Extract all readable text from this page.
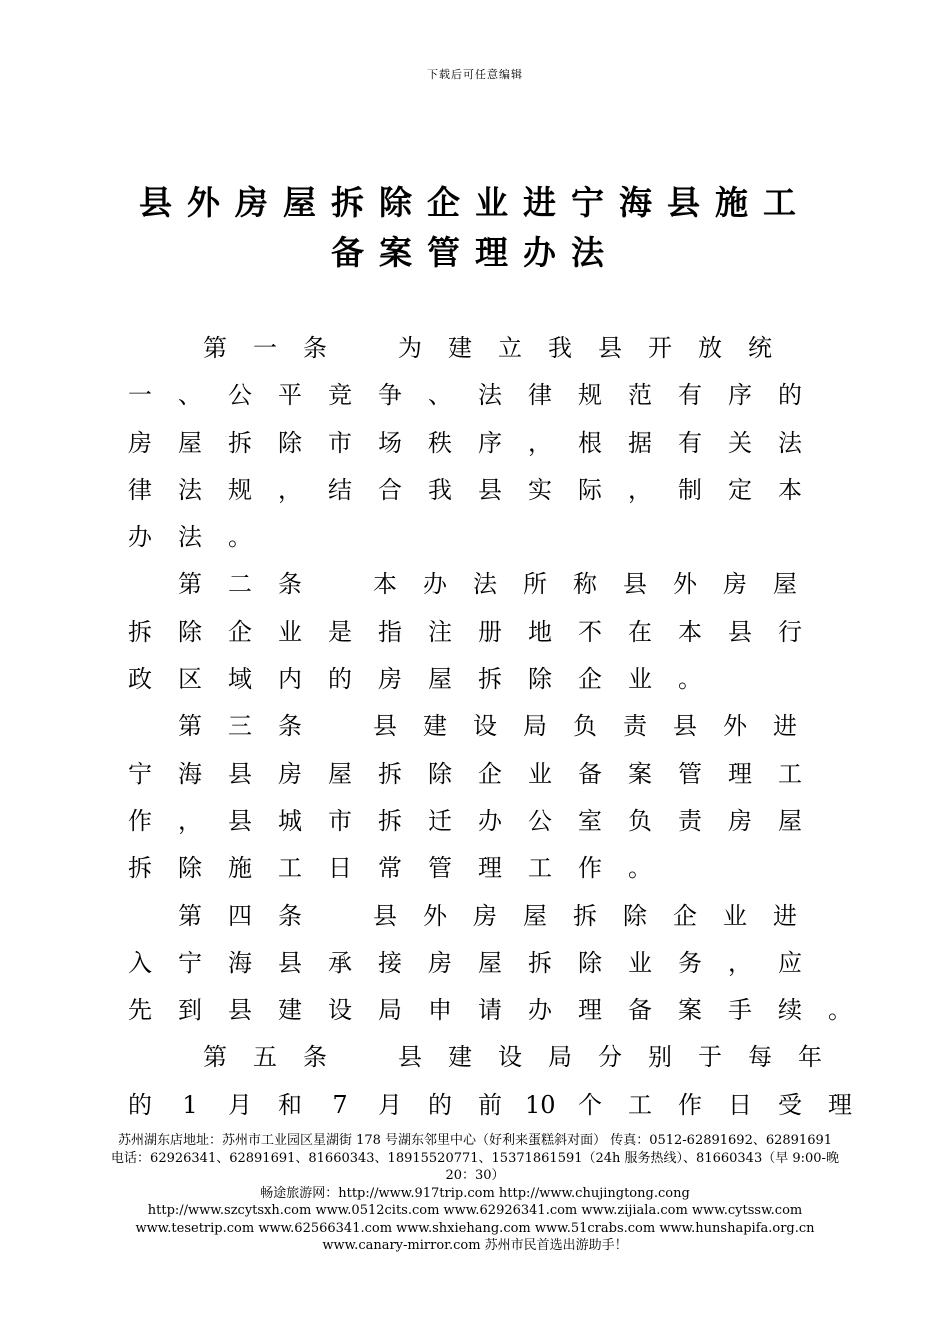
下载后可任意编辑
县外房屋拆除企业进宁海县施工
备案管理办法
第 一 条	为 建 立 我 县 开 放 统
一 、 公 平 竞 争 、 法 律 规 范 有 序 的
房 屋 拆 除 市 场 秩 序 ， 根 据 有 关 法
律 法 规 ， 结 合 我 县 实 际 ， 制 定 本
办 法 。
第 二 条	本 办 法 所 称 县 外 房 屋
拆 除 企 业 是 指 注 册 地 不 在 本 县 行
政 区 域 内 的 房 屋 拆 除 企 业 。
第 三 条	县 建 设 局 负 责 县 外 进
宁 海 县 房 屋 拆 除 企 业 备 案 管 理 工
作 ， 县 城 市 拆 迁 办 公 室 负 责 房 屋
拆 除 施 工 日 常 管 理 工 作 。
第 四 条	县 外 房 屋 拆 除 企 业 进
入 宁 海 县 承 接 房 屋 拆 除 业 务 ， 应
先 到 县 建 设 局 申 请 办 理 备 案 手 续 。
第 五 条	县 建 设 局 分 别 于 每 年
的	1	月 和	7	月 的 前 10 个 工 作 日 受 理

苏州湖东店地址：苏州市工业园区星湖街 178 号湖东邻里中心（好利来蛋糕斜对面） 传真：0512-62891692、62891691

电话：62926341、62891691、81660343、18915520771、15371861591（24h 服务热线）、81660343（早 9:00-晚 20：30）

畅途旅游网：http://www.917trip.com http://www.chujingtong.cong

http://www.szcytsxh.com www.0512cits.com www.62926341.com www.zijiala.com www.cytssw.com

www.tesetrip.com www.62566341.com www.shxiehang.com www.51crabs.com www.hunshapifa.org.cn

www.canary-mirror.com 苏州市民首选出游助手！
